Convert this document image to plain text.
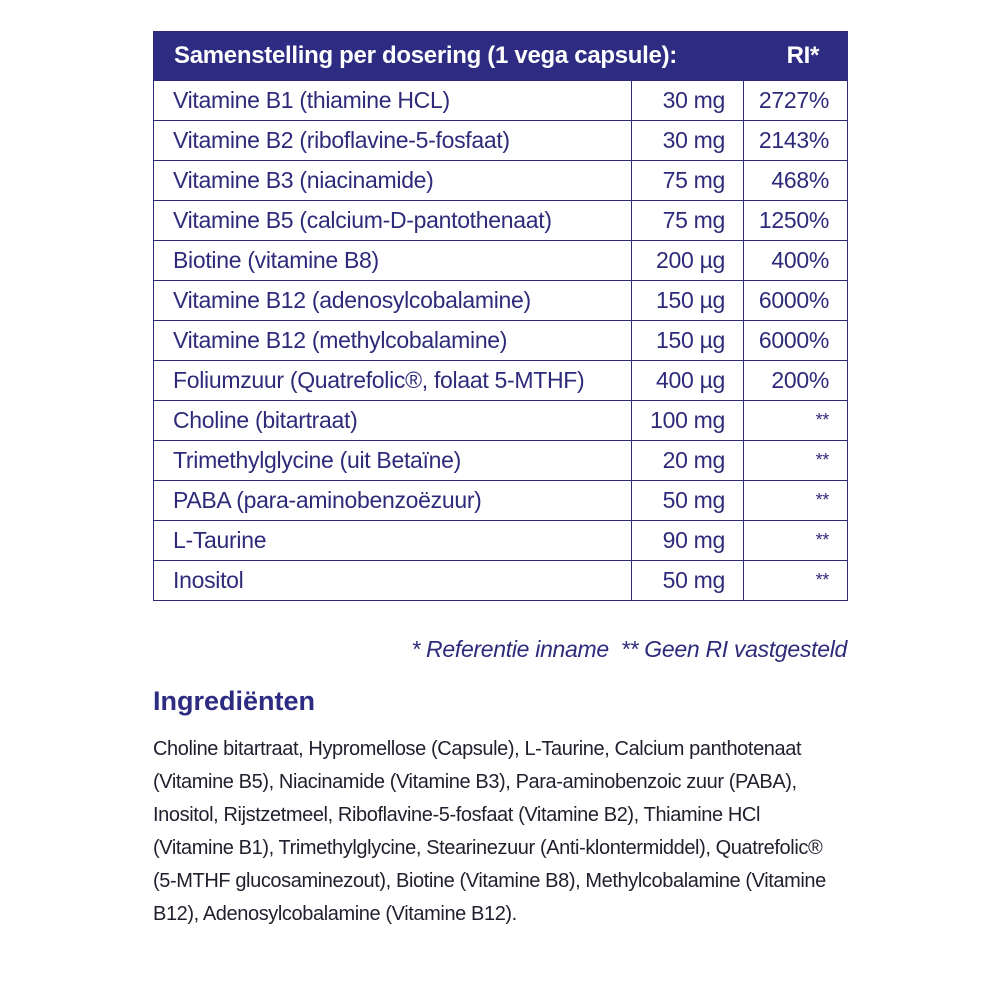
Samenstelling per dosering (1 vega capsule):		RI*
Vitamine B1 (thiamine HCL)	30 mg	2727%
Vitamine B2 (riboflavine-5-fosfaat)	30 mg	2143%
Vitamine B3 (niacinamide)	75 mg	468%
Vitamine B5 (calcium-D-pantothenaat)	75 mg	1250%
Biotine (vitamine B8)	200 µg	400%
Vitamine B12 (adenosylcobalamine)	150 µg	6000%
Vitamine B12 (methylcobalamine)	150 µg	6000%
Foliumzuur (Quatrefolic®, folaat 5-MTHF)	400 µg	200%
Choline (bitartraat)	100 mg	**
Trimethylglycine (uit Betaïne)	20 mg	**
PABA (para-aminobenzoëzuur)	50 mg	**
L-Taurine	90 mg	**
Inositol	50 mg	**
* Referentie inname ** Geen RI vastgesteld
Ingrediënten

Choline bitartraat, Hypromellose (Capsule), L-Taurine, Calcium panthotenaat (Vitamine B5), Niacinamide (Vitamine B3), Para-aminobenzoic zuur (PABA), Inositol, Rijstzetmeel, Riboflavine-5-fosfaat (Vitamine B2), Thiamine HCl (Vitamine B1), Trimethylglycine, Stearinezuur (Anti-klontermiddel), Quatrefolic® (5-MTHF glucosaminezout), Biotine (Vitamine B8), Methylcobalamine (Vitamine B12), Adenosylcobalamine (Vitamine B12).
